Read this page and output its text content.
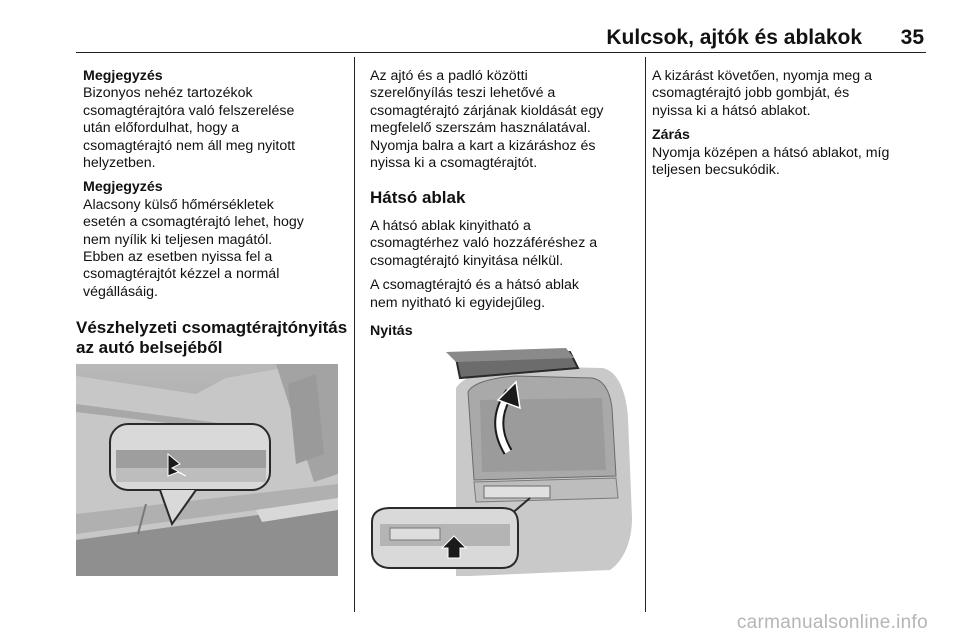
Kulcsok, ajtók és ablakok	35

Megjegyzés

Bizonyos nehéz tartozékok

csomagtérajtóra való felszerelése

után előfordulhat, hogy a

csomagtérajtó nem áll meg nyitott

helyzetben.

Megjegyzés

Alacsony külső hőmérsékletek

esetén a csomagtérajtó lehet, hogy

nem nyílik ki teljesen magától.

Ebben az esetben nyissa fel a

csomagtérajtót kézzel a normál

végállásáig.

Vészhelyzeti csomagtérajtónyitás

az autó belsejéből

Az ajtó és a padló közötti

szerelőnyílás teszi lehetővé a

csomagtérajtó zárjának kioldását egy

megfelelő szerszám használatával.

Nyomja balra a kart a kizáráshoz és

nyissa ki a csomagtérajtót.

Hátsó ablak

A hátsó ablak kinyitható a

csomagtérhez való hozzáféréshez a

csomagtérajtó kinyitása nélkül.

A csomagtérajtó és a hátsó ablak

nem nyitható ki egyidejűleg.

Nyitás

A kizárást követően, nyomja meg a

csomagtérajtó jobb gombját, és

nyissa ki a hátsó ablakot.

Zárás

Nyomja középen a hátsó ablakot, míg

teljesen becsukódik.

carmanualsonline.info
